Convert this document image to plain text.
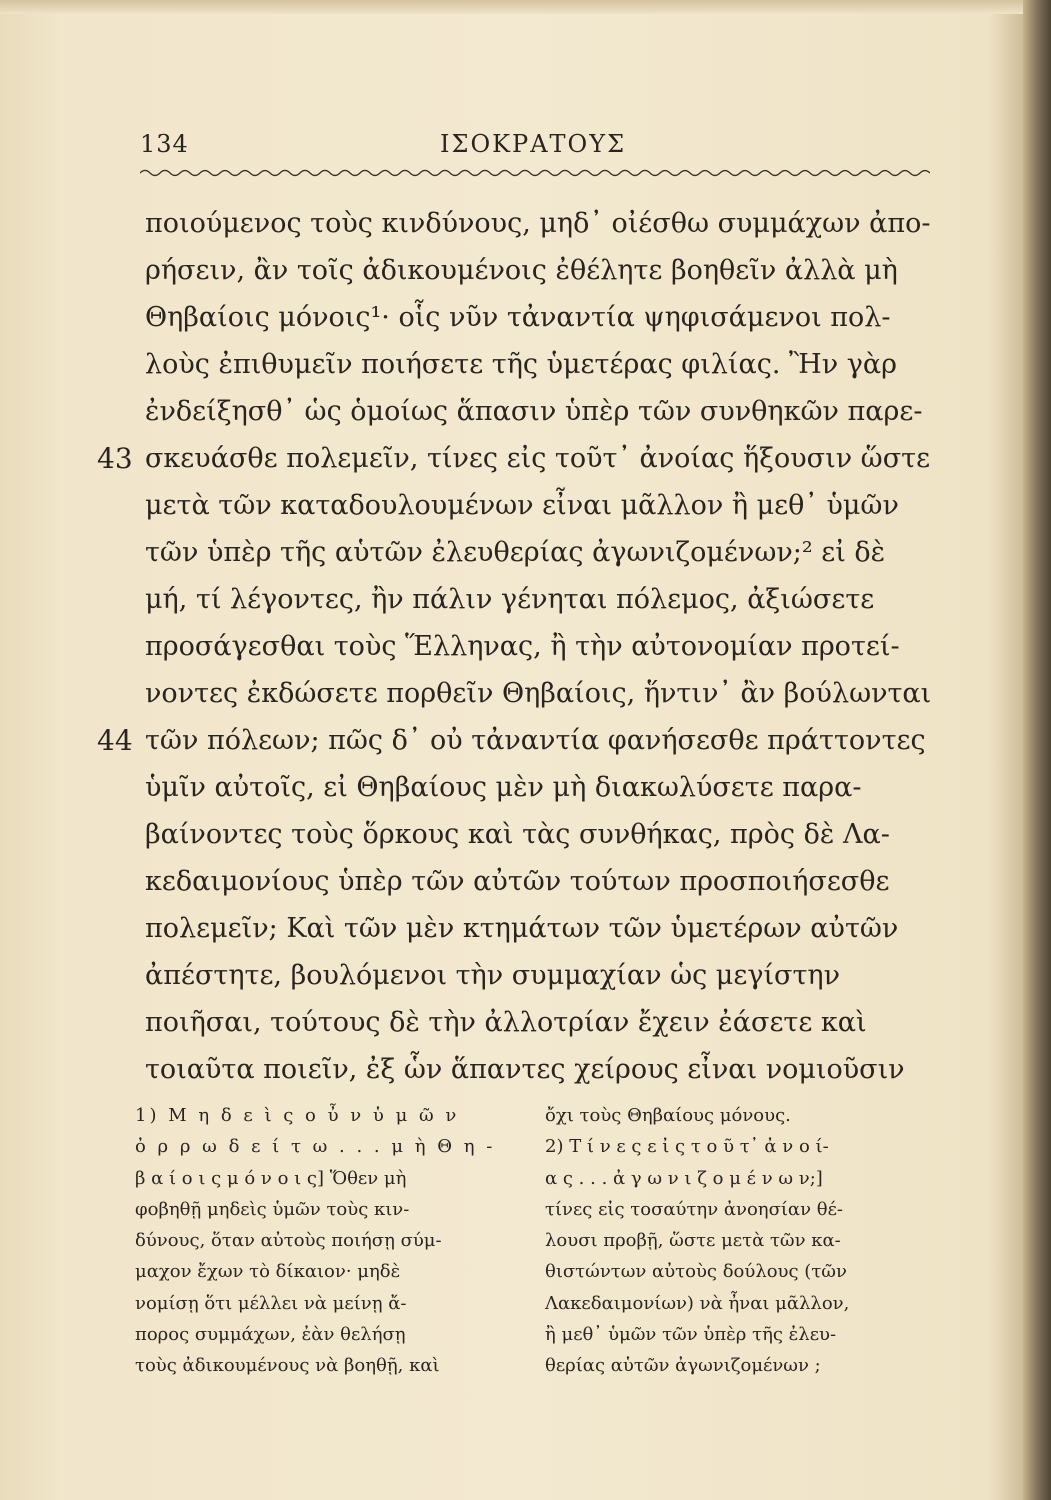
134	ΙΣΟΚΡΑΤΟΥΣ
ποιούμενος τοὺς κινδύνους, μηδ᾽ οἰέσθω συμμάχων ἀπο-
ρήσειν, ἂν τοῖς ἀδικουμένοις ἐθέλητε βοηθεῖν ἀλλὰ μὴ
Θηβαίοις μόνοις¹· οἷς νῦν τἀναντία ψηφισάμενοι πολ-
λοὺς ἐπιθυμεῖν ποιήσετε τῆς ὑμετέρας φιλίας. Ἢν γὰρ
ἐνδείξησθ᾽ ὡς ὁμοίως ἅπασιν ὑπὲρ τῶν συνθηκῶν παρε-
43 σκευάσθε πολεμεῖν, τίνες εἰς τοῦτ᾽ ἀνοίας ἥξουσιν ὥστε
μετὰ τῶν καταδουλουμένων εἶναι μᾶλλον ἢ μεθ᾽ ὑμῶν
τῶν ὑπὲρ τῆς αὑτῶν ἐλευθερίας ἀγωνιζομένων;² εἰ δὲ
μή, τί λέγοντες, ἢν πάλιν γένηται πόλεμος, ἀξιώσετε
προσάγεσθαι τοὺς Ἕλληνας, ἢ τὴν αὐτονομίαν προτεί-
νοντες ἐκδώσετε πορθεῖν Θηβαίοις, ἥντιν᾽ ἂν βούλωνται
44 τῶν πόλεων; πῶς δ᾽ οὐ τἀναντία φανήσεσθε πράττοντες
ὑμῖν αὐτοῖς, εἰ Θηβαίους μὲν μὴ διακωλύσετε παρα-
βαίνοντες τοὺς ὅρκους καὶ τὰς συνθήκας, πρὸς δὲ Λα-
κεδαιμονίους ὑπὲρ τῶν αὐτῶν τούτων προσποιήσεσθε
πολεμεῖν; Καὶ τῶν μὲν κτημάτων τῶν ὑμετέρων αὐτῶν
ἀπέστητε, βουλόμενοι τὴν συμμαχίαν ὡς μεγίστην
ποιῆσαι, τούτους δὲ τὴν ἀλλοτρίαν ἔχειν ἐάσετε καὶ
τοιαῦτα ποιεῖν, ἐξ ὧν ἅπαντες χείρους εἶναι νομιοῦσιν
1) Μ η δ ε ὶ ς ο ὖ ν ὑ μ ῶ ν
ὀ ρ ρ ω δ ε ί τ ω . . . μ ὴ Θ η -
β α ί ο ι ς μ ό ν ο ι ς] Ὅθεν μὴ
φοβηθῇ μηδεὶς ὑμῶν τοὺς κιν-
δύνους, ὅταν αὐτοὺς ποιήσῃ σύμ-
μαχον ἔχων τὸ δίκαιον· μηδὲ
νομίσῃ ὅτι μέλλει νὰ μείνῃ ἄ-
πορος συμμάχων, ἐὰν θελήσῃ
τοὺς ἀδικουμένους νὰ βοηθῇ, καὶ
ὄχι τοὺς Θηβαίους μόνους.
2) Τ ί ν ε ς ε ἰ ς τ ο ῦ τ᾽ ἀ ν ο ί-
α ς . . . ἀ γ ω ν ι ζ ο μ έ ν ω ν;]
τίνες εἰς τοσαύτην ἀνοησίαν θέ-
λουσι προβῇ, ὥστε μετὰ τῶν κα-
θιστώντων αὐτοὺς δούλους (τῶν
Λακεδαιμονίων) νὰ ἦναι μᾶλλον,
ἢ μεθ᾽ ὑμῶν τῶν ὑπὲρ τῆς ἐλευ-
θερίας αὑτῶν ἀγωνιζομένων ;
